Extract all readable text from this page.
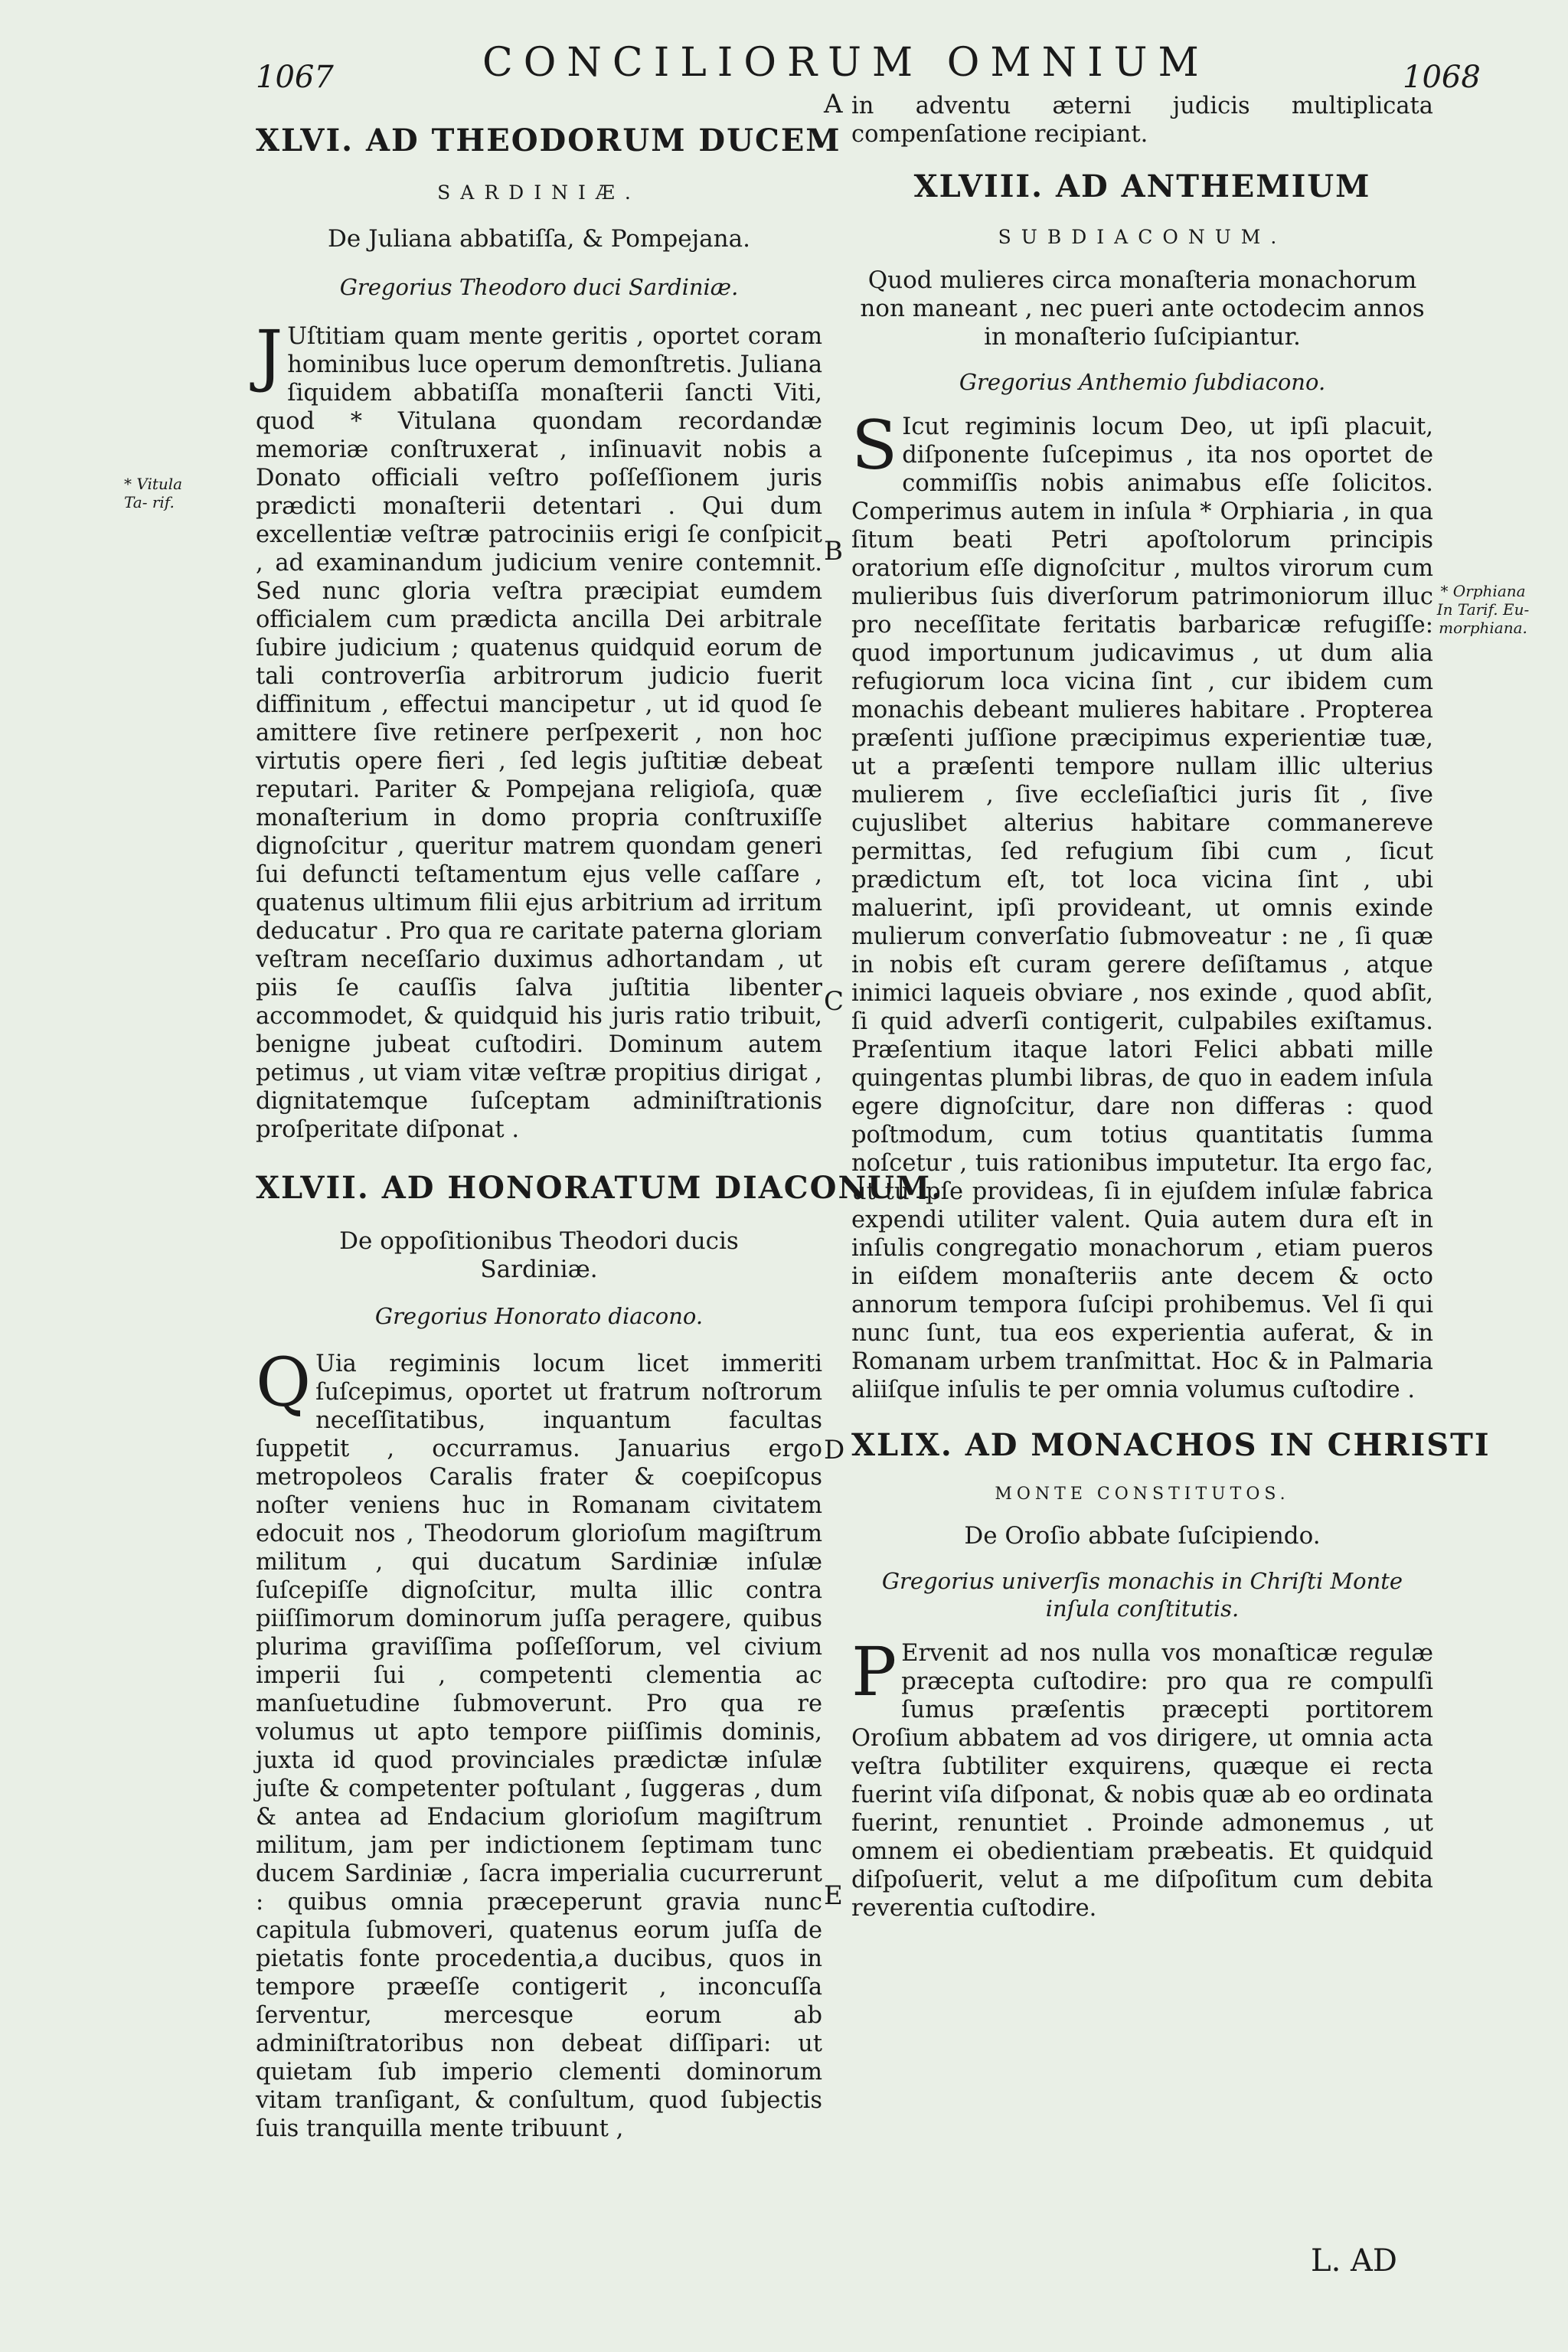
1067	CONCILIORUM OMNIUM	1068
* Vitula Ta- rif.
* Orphiana In Tarif. Eu- morphiana.
A
B
C
D
E
XLVI. AD THEODORUM DUCEM

SARDINIÆ.

De Juliana abbatiſſa, & Pompejana.

Gregorius Theodoro duci Sardiniæ.

J Uſtitiam quam mente geritis , oportet coram hominibus luce operum demonſtretis. Juliana ſiquidem abbatiſſa monaſterii ſancti Viti, quod * Vitulana quondam recordandæ memoriæ conſtruxerat , inſinuavit nobis a Donato officiali veſtro poſſeſſionem juris prædicti monaſterii detentari . Qui dum excellentiæ veſtræ patrociniis erigi ſe conſpicit , ad examinandum judicium venire contemnit. Sed nunc gloria veſtra præcipiat eumdem officialem cum prædicta ancilla Dei arbitrale ſubire judicium ; quatenus quidquid eorum de tali controverſia arbitrorum judicio fuerit diffinitum , effectui mancipetur , ut id quod ſe amittere ſive retinere perſpexerit , non hoc virtutis opere fieri , ſed legis juſtitiæ debeat reputari. Pariter & Pompejana religioſa, quæ monaſterium in domo propria conſtruxiſſe dignoſcitur , queritur matrem quondam generi ſui defuncti teſtamentum ejus velle caſſare , quatenus ultimum filii ejus arbitrium ad irritum deducatur . Pro qua re caritate paterna gloriam veſtram neceſſario duximus adhortandam , ut piis ſe cauſſis ſalva juſtitia libenter accommodet, & quidquid his juris ratio tribuit, benigne jubeat cuſtodiri. Dominum autem petimus , ut viam vitæ veſtræ propitius dirigat , dignitatemque ſuſceptam adminiſtrationis proſperitate diſponat .

XLVII. AD HONORATUM DIACONUM.

De oppoſitionibus Theodori ducis Sardiniæ.

Gregorius Honorato diacono.

Q Uia regiminis locum licet immeriti ſuſcepimus, oportet ut fratrum noſtrorum neceſſitatibus, inquantum facultas ſuppetit , occurramus. Januarius ergo metropoleos Caralis frater & coepiſcopus noſter veniens huc in Romanam civitatem edocuit nos , Theodorum glorioſum magiſtrum militum , qui ducatum Sardiniæ inſulæ ſuſcepiſſe dignoſcitur, multa illic contra piiſſimorum dominorum juſſa peragere, quibus plurima graviſſima poſſeſſorum, vel civium imperii ſui , competenti clementia ac manſuetudine ſubmoverunt. Pro qua re volumus ut apto tempore piiſſimis dominis, juxta id quod provinciales prædictæ inſulæ juſte & competenter poſtulant , ſuggeras , dum & antea ad Endacium glorioſum magiſtrum militum, jam per indictionem ſeptimam tunc ducem Sardiniæ , ſacra imperialia cucurrerunt : quibus omnia præceperunt gravia nunc capitula ſubmoveri, quatenus eorum juſſa de pietatis fonte procedentia,a ducibus, quos in tempore præeſſe contigerit , inconcuſſa ſerventur, mercesque eorum ab adminiſtratoribus non debeat diſſipari: ut quietam ſub imperio clementi dominorum vitam tranſigant, & conſultum, quod ſubjectis ſuis tranquilla mente tribuunt ,

in adventu æterni judicis multiplicata compenſatione recipiant.

XLVIII. AD ANTHEMIUM

SUBDIACONUM.

Quod mulieres circa monaſteria monachorum non maneant , nec pueri ante octodecim annos in monaſterio ſuſcipiantur.

Gregorius Anthemio ſubdiacono.

S Icut regiminis locum Deo, ut ipſi placuit, diſponente ſuſcepimus , ita nos oportet de commiſſis nobis animabus eſſe ſolicitos. Comperimus autem in inſula * Orphiaria , in qua ſitum beati Petri apoſtolorum principis oratorium eſſe dignoſcitur , multos virorum cum mulieribus ſuis diverſorum patrimoniorum illuc pro neceſſitate feritatis barbaricæ refugiſſe: quod importunum judicavimus , ut dum alia refugiorum loca vicina ſint , cur ibidem cum monachis debeant mulieres habitare . Propterea præſenti juſſione præcipimus experientiæ tuæ, ut a præſenti tempore nullam illic ulterius mulierem , ſive eccleſiaſtici juris ſit , ſive cujuslibet alterius habitare commanereve permittas, ſed refugium ſibi cum , ſicut prædictum eſt, tot loca vicina ſint , ubi maluerint, ipſi provideant, ut omnis exinde mulierum converſatio ſubmoveatur : ne , ſi quæ in nobis eſt curam gerere deſiſtamus , atque inimici laqueis obviare , nos exinde , quod abſit, ſi quid adverſi contigerit, culpabiles exiſtamus. Præſentium itaque latori Felici abbati mille quingentas plumbi libras, de quo in eadem inſula egere dignoſcitur, dare non differas : quod poſtmodum, cum totius quantitatis ſumma noſcetur , tuis rationibus imputetur. Ita ergo fac, ut tu ipſe provideas, ſi in ejuſdem inſulæ fabrica expendi utiliter valent. Quia autem dura eſt in inſulis congregatio monachorum , etiam pueros in eiſdem monaſteriis ante decem & octo annorum tempora ſuſcipi prohibemus. Vel ſi qui nunc ſunt, tua eos experientia auferat, & in Romanam urbem tranſmittat. Hoc & in Palmaria aliiſque inſulis te per omnia volumus cuſtodire .

XLIX. AD MONACHOS IN CHRISTI

MONTE CONSTITUTOS.

De Oroſio abbate ſuſcipiendo.

Gregorius univerſis monachis in Chriſti Monte inſula conſtitutis.

P Ervenit ad nos nulla vos monaſticæ regulæ præcepta cuſtodire: pro qua re compulſi ſumus præſentis præcepti portitorem Oroſium abbatem ad vos dirigere, ut omnia acta veſtra ſubtiliter exquirens, quæque ei recta fuerint viſa diſponat, & nobis quæ ab eo ordinata fuerint, renuntiet . Proinde admonemus , ut omnem ei obedientiam præbeatis. Et quidquid diſpoſuerit, velut a me diſpoſitum cum debita reverentia cuſtodire.

L. AD
